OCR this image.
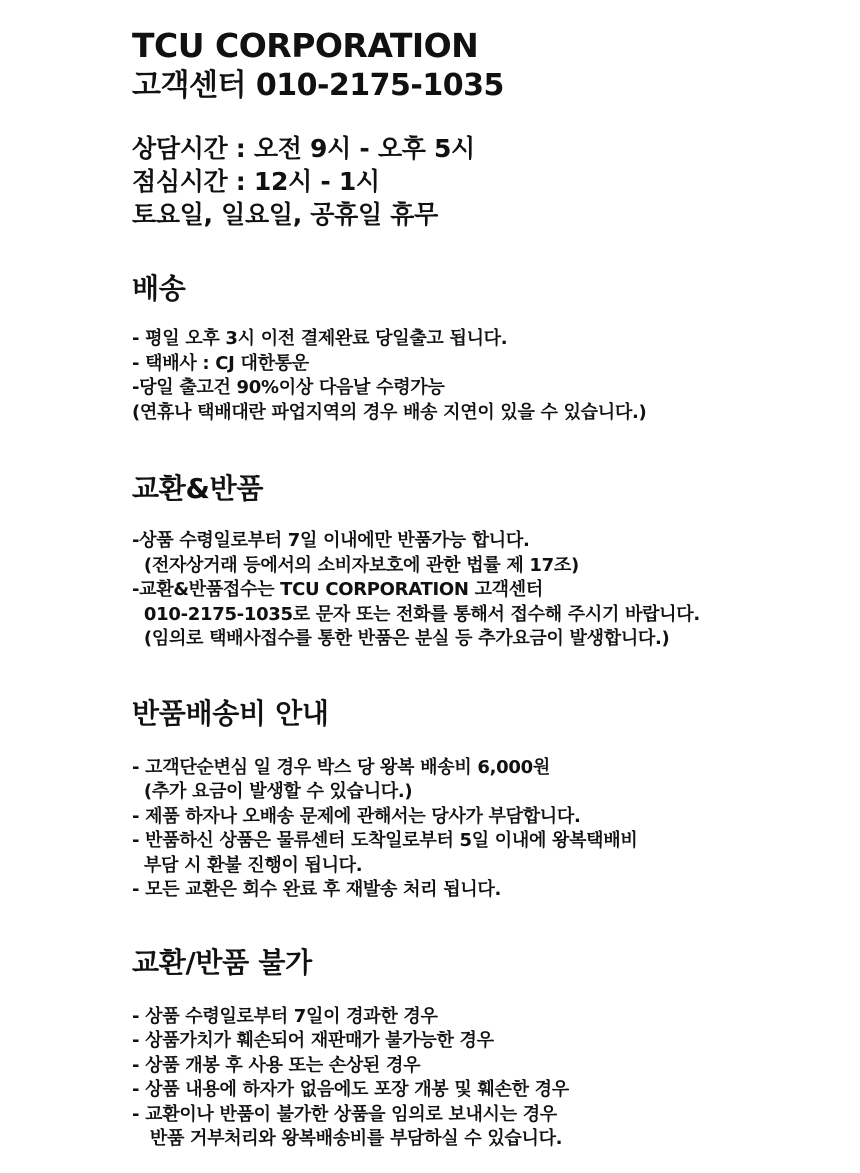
TCU CORPORATION
고객센터 010-2175-1035
상담시간 : 오전 9시 - 오후 5시
점심시간 : 12시 - 1시
토요일, 일요일, 공휴일 휴무
배송
- 평일 오후 3시 이전 결제완료 당일출고 됩니다.
- 택배사 : CJ 대한통운
-당일 출고건 90%이상 다음날 수령가능
(연휴나 택배대란 파업지역의 경우 배송 지연이 있을 수 있습니다.)
교환&반품
-상품 수령일로부터 7일 이내에만 반품가능 합니다.
(전자상거래 등에서의 소비자보호에 관한 법률 제 17조)
-교환&반품접수는 TCU CORPORATION 고객센터
010-2175-1035로 문자 또는 전화를 통해서 접수해 주시기 바랍니다.
(임의로 택배사접수를 통한 반품은 분실 등 추가요금이 발생합니다.)
반품배송비 안내
- 고객단순변심 일 경우 박스 당 왕복 배송비 6,000원
(추가 요금이 발생할 수 있습니다.)
- 제품 하자나 오배송 문제에 관해서는 당사가 부담합니다.
- 반품하신 상품은 물류센터 도착일로부터 5일 이내에 왕복택배비
부담 시 환불 진행이 됩니다.
- 모든 교환은 회수 완료 후 재발송 처리 됩니다.
교환/반품 불가
- 상품 수령일로부터 7일이 경과한 경우
- 상품가치가 훼손되어 재판매가 불가능한 경우
- 상품 개봉 후 사용 또는 손상된 경우
- 상품 내용에 하자가 없음에도 포장 개봉 및 훼손한 경우
- 교환이나 반품이 불가한 상품을 임의로 보내시는 경우
반품 거부처리와 왕복배송비를 부담하실 수 있습니다.
